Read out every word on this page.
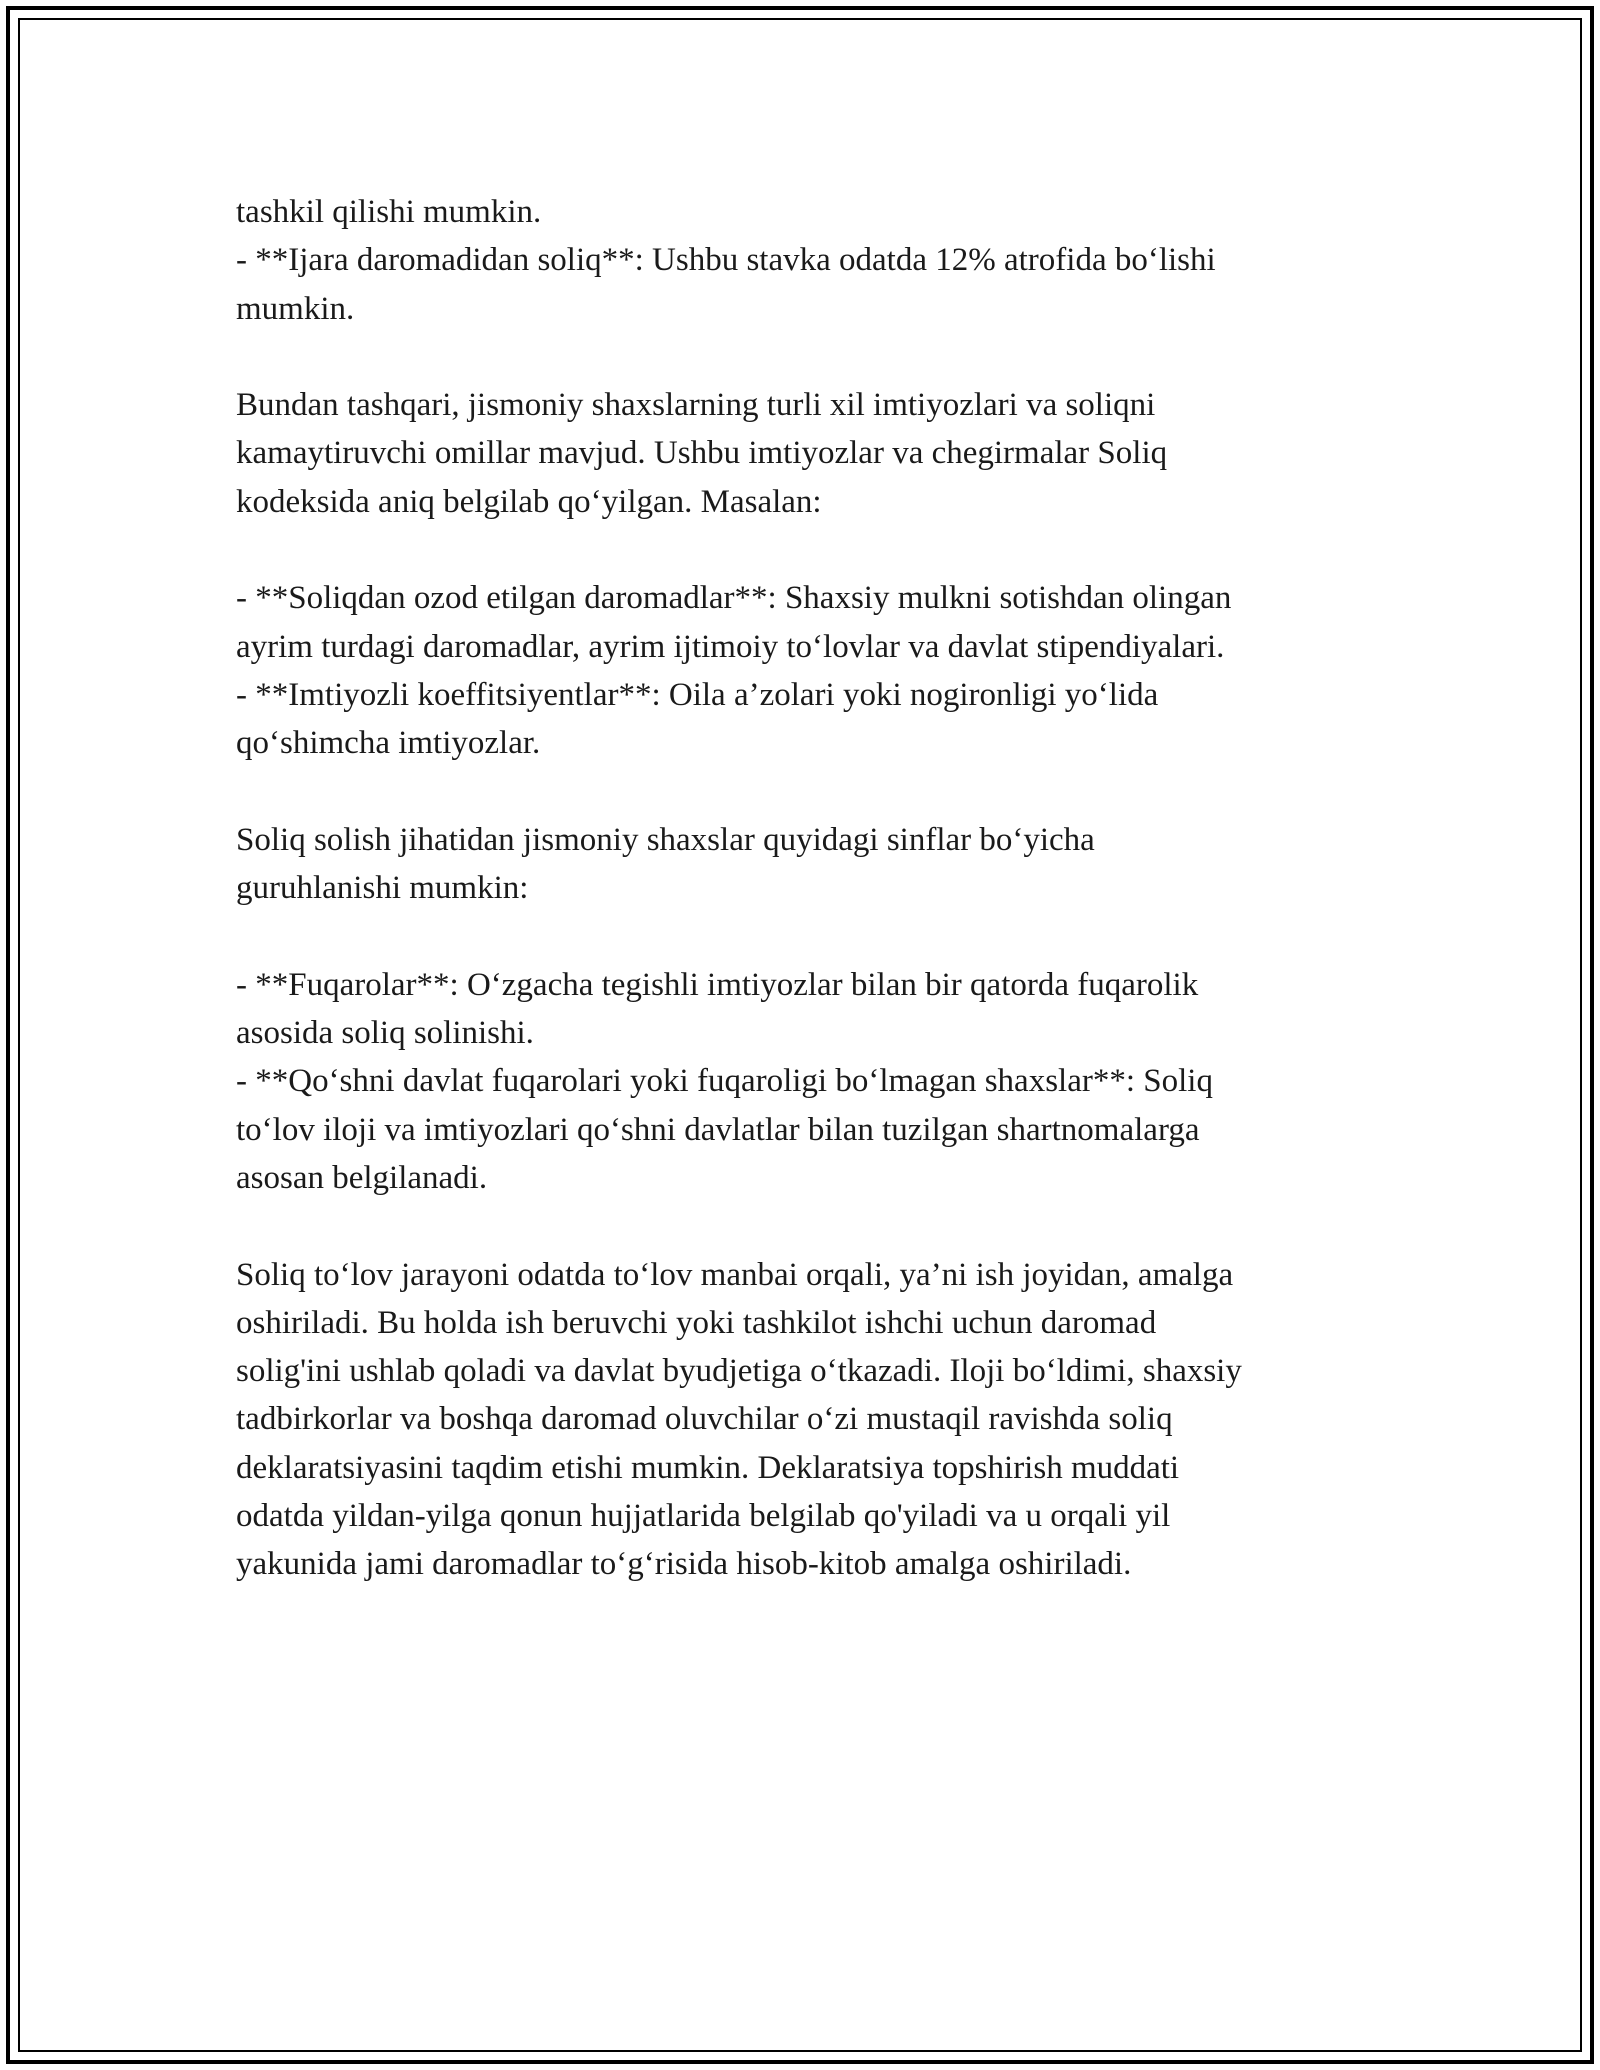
tashkil qilishi mumkin.
- **Ijara daromadidan soliq**: Ushbu stavka odatda 12% atrofida bo‘lishi
mumkin.
Bundan tashqari, jismoniy shaxslarning turli xil imtiyozlari va soliqni
kamaytiruvchi omillar mavjud. Ushbu imtiyozlar va chegirmalar Soliq
kodeksida aniq belgilab qo‘yilgan. Masalan:
- **Soliqdan ozod etilgan daromadlar**: Shaxsiy mulkni sotishdan olingan
ayrim turdagi daromadlar, ayrim ijtimoiy to‘lovlar va davlat stipendiyalari.
- **Imtiyozli koeffitsiyentlar**: Oila a’zolari yoki nogironligi yo‘lida
qo‘shimcha imtiyozlar.
Soliq solish jihatidan jismoniy shaxslar quyidagi sinflar bo‘yicha
guruhlanishi mumkin:
- **Fuqarolar**: O‘zgacha tegishli imtiyozlar bilan bir qatorda fuqarolik
asosida soliq solinishi.
- **Qo‘shni davlat fuqarolari yoki fuqaroligi bo‘lmagan shaxslar**: Soliq
to‘lov iloji va imtiyozlari qo‘shni davlatlar bilan tuzilgan shartnomalarga
asosan belgilanadi.
Soliq to‘lov jarayoni odatda to‘lov manbai orqali, ya’ni ish joyidan, amalga
oshiriladi. Bu holda ish beruvchi yoki tashkilot ishchi uchun daromad
solig'ini ushlab qoladi va davlat byudjetiga o‘tkazadi. Iloji bo‘ldimi, shaxsiy
tadbirkorlar va boshqa daromad oluvchilar o‘zi mustaqil ravishda soliq
deklaratsiyasini taqdim etishi mumkin. Deklaratsiya topshirish muddati
odatda yildan-yilga qonun hujjatlarida belgilab qo'yiladi va u orqali yil
yakunida jami daromadlar to‘g‘risida hisob-kitob amalga oshiriladi.
